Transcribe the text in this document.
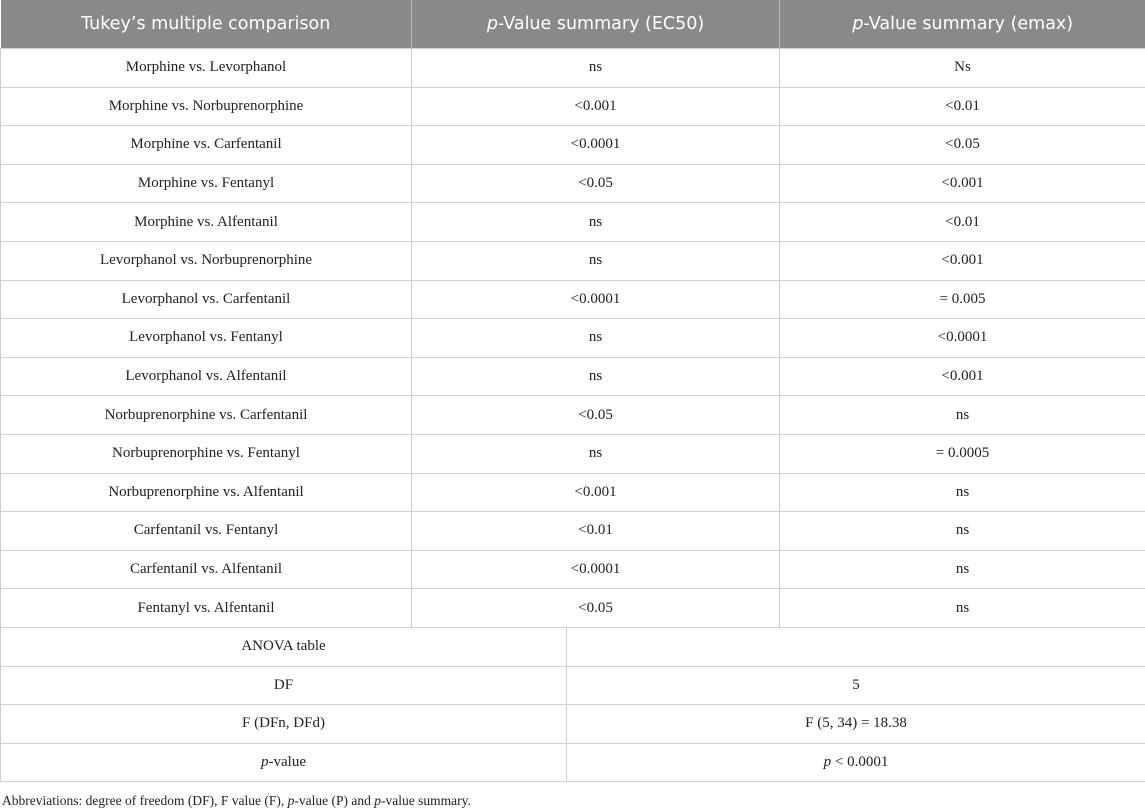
Tukey’s multiple comparison	p-Value summary (EC50)		p-Value summary (emax)
Morphine vs. Levorphanol	ns		Ns
Morphine vs. Norbuprenorphine	<0.001		<0.01
Morphine vs. Carfentanil	<0.0001		<0.05
Morphine vs. Fentanyl	<0.05		<0.001
Morphine vs. Alfentanil	ns		<0.01
Levorphanol vs. Norbuprenorphine	ns		<0.001
Levorphanol vs. Carfentanil	<0.0001		= 0.005
Levorphanol vs. Fentanyl	ns		<0.0001
Levorphanol vs. Alfentanil	ns		<0.001
Norbuprenorphine vs. Carfentanil	<0.05		ns
Norbuprenorphine vs. Fentanyl	ns		= 0.0005
Norbuprenorphine vs. Alfentanil	<0.001		ns
Carfentanil vs. Fentanyl	<0.01		ns
Carfentanil vs. Alfentanil	<0.0001		ns
Fentanyl vs. Alfentanil	<0.05		ns
ANOVA table			
DF		5	
F (DFn, DFd)		F (5, 34) = 18.38	
p-value		p < 0.0001	
Abbreviations: degree of freedom (DF), F value (F), p-value (P) and p-value summary.
